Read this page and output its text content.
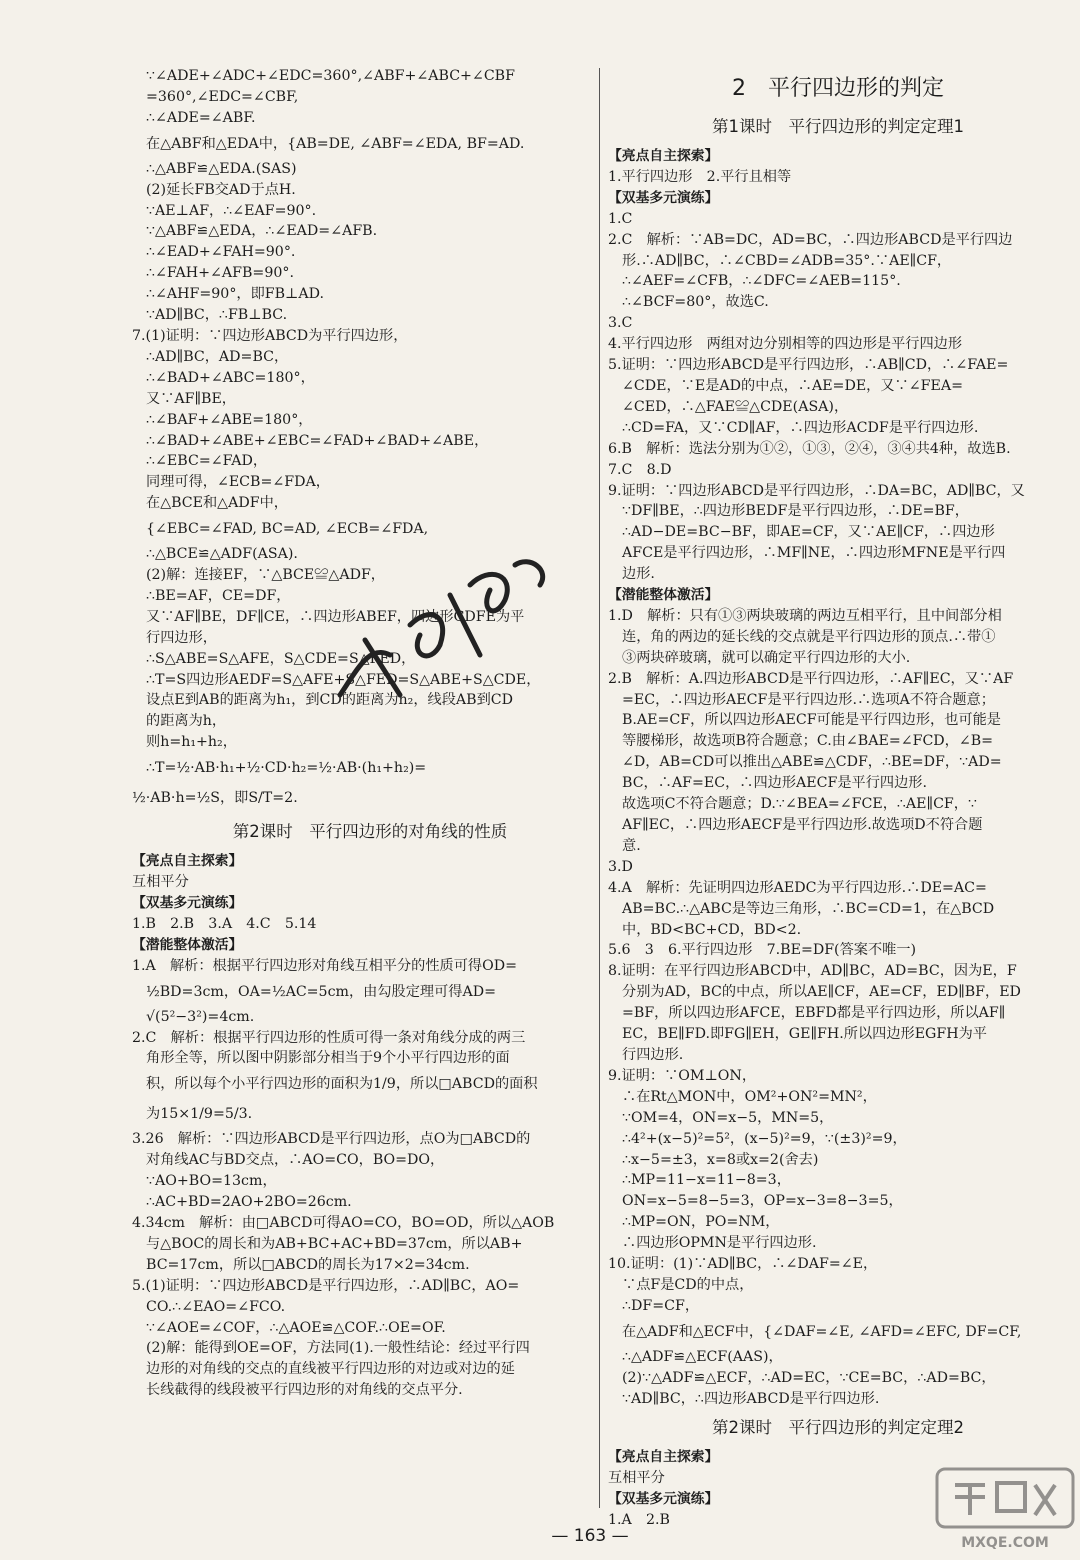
∵∠ADE+∠ADC+∠EDC=360°,∠ABF+∠ABC+∠CBF
=360°,∠EDC=∠CBF,
∴∠ADE=∠ABF.
在△ABF和△EDA中，{AB=DE, ∠ABF=∠EDA, BF=AD.
∴△ABF≌△EDA.(SAS)
(2)延长FB交AD于点H.
∵AE⊥AF，∴∠EAF=90°.
∵△ABF≌△EDA，∴∠EAD=∠AFB.
∴∠EAD+∠FAH=90°.
∴∠FAH+∠AFB=90°.
∴∠AHF=90°，即FB⊥AD.
∵AD∥BC，∴FB⊥BC.
7.(1)证明：∵四边形ABCD为平行四边形，
∴AD∥BC，AD=BC，
∴∠BAD+∠ABC=180°，
又∵AF∥BE，
∴∠BAF+∠ABE=180°，
∴∠BAD+∠ABE+∠EBC=∠FAD+∠BAD+∠ABE，
∴∠EBC=∠FAD，
同理可得，∠ECB=∠FDA，
在△BCE和△ADF中，
{∠EBC=∠FAD, BC=AD, ∠ECB=∠FDA,
∴△BCE≌△ADF(ASA).
(2)解：连接EF，∵△BCE≌△ADF，
∴BE=AF，CE=DF，
又∵AF∥BE，DF∥CE，∴四边形ABEF，四边形CDFE为平
行四边形，
∴S△ABE=S△AFE，S△CDE=S△FED，
∴T=S四边形AEDF=S△AFE+S△FED=S△ABE+S△CDE，
设点E到AB的距离为h₁，到CD的距离为h₂，线段AB到CD
的距离为h，
则h=h₁+h₂，
∴T=½·AB·h₁+½·CD·h₂=½·AB·(h₁+h₂)=
½·AB·h=½S，即S/T=2.
第2课时　平行四边形的对角线的性质
【亮点自主探索】
互相平分
【双基多元演练】
1.B　2.B　3.A　4.C　5.14
【潜能整体激活】
1.A　解析：根据平行四边形对角线互相平分的性质可得OD=
½BD=3cm，OA=½AC=5cm，由勾股定理可得AD=
√(5²−3²)=4cm.
2.C　解析：根据平行四边形的性质可得一条对角线分成的两三
角形全等，所以图中阴影部分相当于9个小平行四边形的面
积，所以每个小平行四边形的面积为1/9，所以□ABCD的面积
为15×1/9=5/3.
3.26　解析：∵四边形ABCD是平行四边形，点O为□ABCD的
对角线AC与BD交点，∴AO=CO，BO=DO，
∵AO+BO=13cm，
∴AC+BD=2AO+2BO=26cm.
4.34cm　解析：由□ABCD可得AO=CO，BO=OD，所以△AOB
与△BOC的周长和为AB+BC+AC+BD=37cm，所以AB+
BC=17cm，所以□ABCD的周长为17×2=34cm.
5.(1)证明：∵四边形ABCD是平行四边形，∴AD∥BC，AO=
CO.∴∠EAO=∠FCO.
∵∠AOE=∠COF，∴△AOE≌△COF.∴OE=OF.
(2)解：能得到OE=OF，方法同(1).一般性结论：经过平行四
边形的对角线的交点的直线被平行四边形的对边或对边的延
长线截得的线段被平行四边形的对角线的交点平分.
2　平行四边形的判定
第1课时　平行四边形的判定定理1
【亮点自主探索】
1.平行四边形　2.平行且相等
【双基多元演练】
1.C
2.C　解析：∵AB=DC，AD=BC，∴四边形ABCD是平行四边
形.∴AD∥BC，∴∠CBD=∠ADB=35°.∵AE∥CF，
∴∠AEF=∠CFB，∴∠DFC=∠AEB=115°.
∴∠BCF=80°，故选C.
3.C
4.平行四边形　两组对边分别相等的四边形是平行四边形
5.证明：∵四边形ABCD是平行四边形，∴AB∥CD，∴∠FAE=
∠CDE，∵E是AD的中点，∴AE=DE，又∵∠FEA=
∠CED，∴△FAE≌△CDE(ASA)，
∴CD=FA，又∵CD∥AF，∴四边形ACDF是平行四边形.
6.B　解析：选法分别为①②，①③，②④，③④共4种，故选B.
7.C　8.D
9.证明：∵四边形ABCD是平行四边形，∴DA=BC，AD∥BC，又
∵DF∥BE，∴四边形BEDF是平行四边形，∴DE=BF，
∴AD−DE=BC−BF，即AE=CF，又∵AE∥CF，∴四边形
AFCE是平行四边形，∴MF∥NE，∴四边形MFNE是平行四
边形.
【潜能整体激活】
1.D　解析：只有①③两块玻璃的两边互相平行，且中间部分相
连，角的两边的延长线的交点就是平行四边形的顶点.∴带①
③两块碎玻璃，就可以确定平行四边形的大小.
2.B　解析：A.四边形ABCD是平行四边形，∴AF∥EC，又∵AF
=EC，∴四边形AECF是平行四边形.∴选项A不符合题意；
B.AE=CF，所以四边形AECF可能是平行四边形，也可能是
等腰梯形，故选项B符合题意；C.由∠BAE=∠FCD，∠B=
∠D，AB=CD可以推出△ABE≌△CDF，∴BE=DF，∵AD=
BC，∴AF=EC，∴四边形AECF是平行四边形.
故选项C不符合题意；D.∵∠BEA=∠FCE，∴AE∥CF，∵
AF∥EC，∴四边形AECF是平行四边形.故选项D不符合题
意.
3.D
4.A　解析：先证明四边形AEDC为平行四边形.∴DE=AC=
AB=BC.∴△ABC是等边三角形，∴BC=CD=1，在△BCD
中，BD<BC+CD，BD<2.
5.6　3　6.平行四边形　7.BE=DF(答案不唯一)
8.证明：在平行四边形ABCD中，AD∥BC，AD=BC，因为E，F
分别为AD，BC的中点，所以AE∥CF，AE=CF，ED∥BF，ED
=BF，所以四边形AFCE，EBFD都是平行四边形，所以AF∥
EC，BE∥FD.即FG∥EH，GE∥FH.所以四边形EGFH为平
行四边形.
9.证明：∵OM⊥ON，
∴在Rt△MON中，OM²+ON²=MN²，
∵OM=4，ON=x−5，MN=5，
∴4²+(x−5)²=5²，(x−5)²=9，∵(±3)²=9，
∴x−5=±3，x=8或x=2(舍去)
∴MP=11−x=11−8=3，
ON=x−5=8−5=3，OP=x−3=8−3=5，
∴MP=ON，PO=NM，
∴四边形OPMN是平行四边形.
10.证明：(1)∵AD∥BC，∴∠DAF=∠E，
∵点F是CD的中点，
∴DF=CF，
在△ADF和△ECF中，{∠DAF=∠E, ∠AFD=∠EFC, DF=CF,
∴△ADF≌△ECF(AAS)，
(2)∵△ADF≌△ECF，∴AD=EC，∵CE=BC，∴AD=BC，
∵AD∥BC，∴四边形ABCD是平行四边形.
第2课时　平行四边形的判定定理2
【亮点自主探索】
互相平分
【双基多元演练】
1.A　2.B
MXQE.COM
— 163 —
